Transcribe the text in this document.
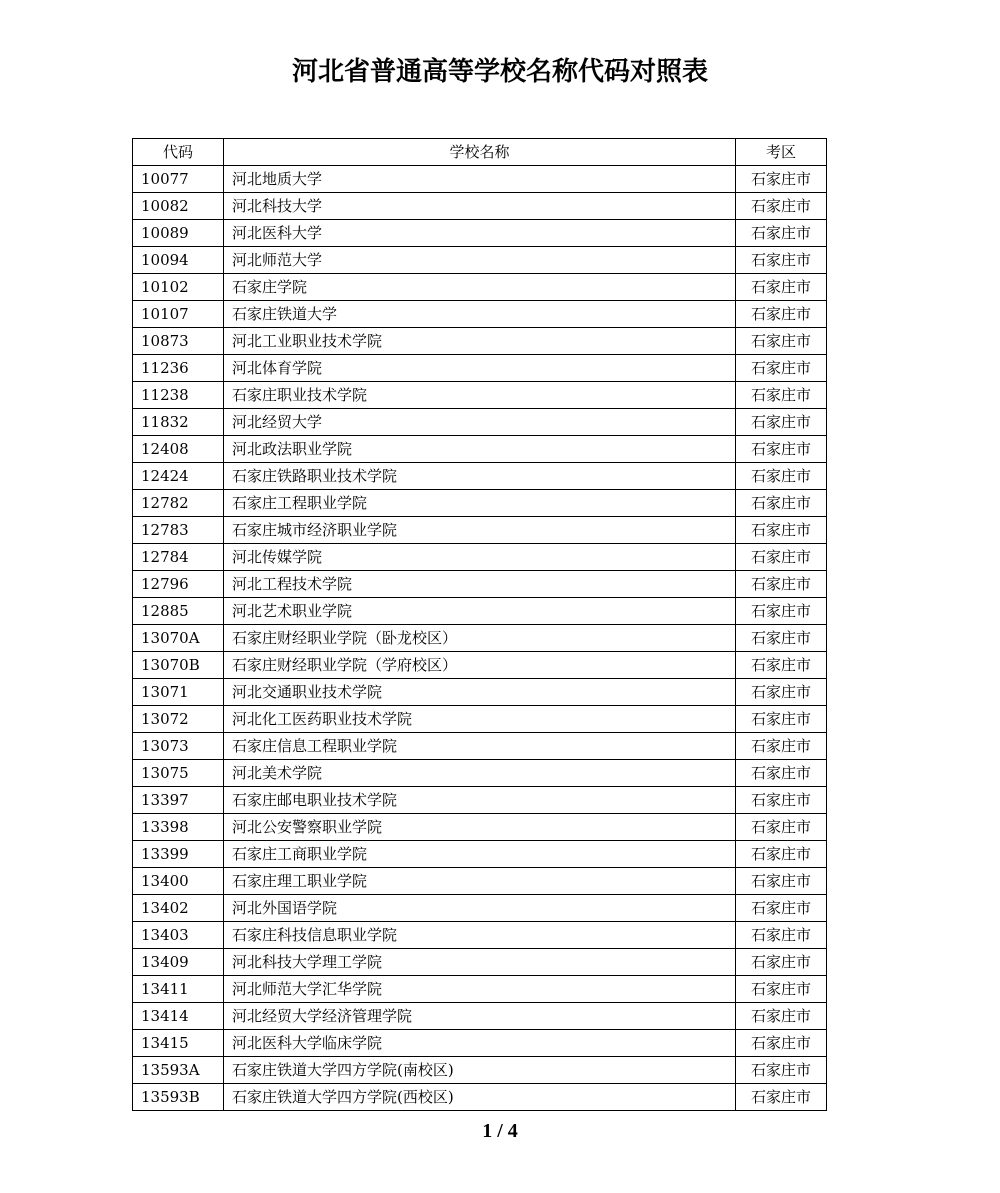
河北省普通高等学校名称代码对照表
代码	学校名称	考区
10077	河北地质大学	石家庄市
10082	河北科技大学	石家庄市
10089	河北医科大学	石家庄市
10094	河北师范大学	石家庄市
10102	石家庄学院	石家庄市
10107	石家庄铁道大学	石家庄市
10873	河北工业职业技术学院	石家庄市
11236	河北体育学院	石家庄市
11238	石家庄职业技术学院	石家庄市
11832	河北经贸大学	石家庄市
12408	河北政法职业学院	石家庄市
12424	石家庄铁路职业技术学院	石家庄市
12782	石家庄工程职业学院	石家庄市
12783	石家庄城市经济职业学院	石家庄市
12784	河北传媒学院	石家庄市
12796	河北工程技术学院	石家庄市
12885	河北艺术职业学院	石家庄市
13070A	石家庄财经职业学院（卧龙校区）	石家庄市
13070B	石家庄财经职业学院（学府校区）	石家庄市
13071	河北交通职业技术学院	石家庄市
13072	河北化工医药职业技术学院	石家庄市
13073	石家庄信息工程职业学院	石家庄市
13075	河北美术学院	石家庄市
13397	石家庄邮电职业技术学院	石家庄市
13398	河北公安警察职业学院	石家庄市
13399	石家庄工商职业学院	石家庄市
13400	石家庄理工职业学院	石家庄市
13402	河北外国语学院	石家庄市
13403	石家庄科技信息职业学院	石家庄市
13409	河北科技大学理工学院	石家庄市
13411	河北师范大学汇华学院	石家庄市
13414	河北经贸大学经济管理学院	石家庄市
13415	河北医科大学临床学院	石家庄市
13593A	石家庄铁道大学四方学院(南校区)	石家庄市
13593B	石家庄铁道大学四方学院(西校区)	石家庄市
1 / 4
